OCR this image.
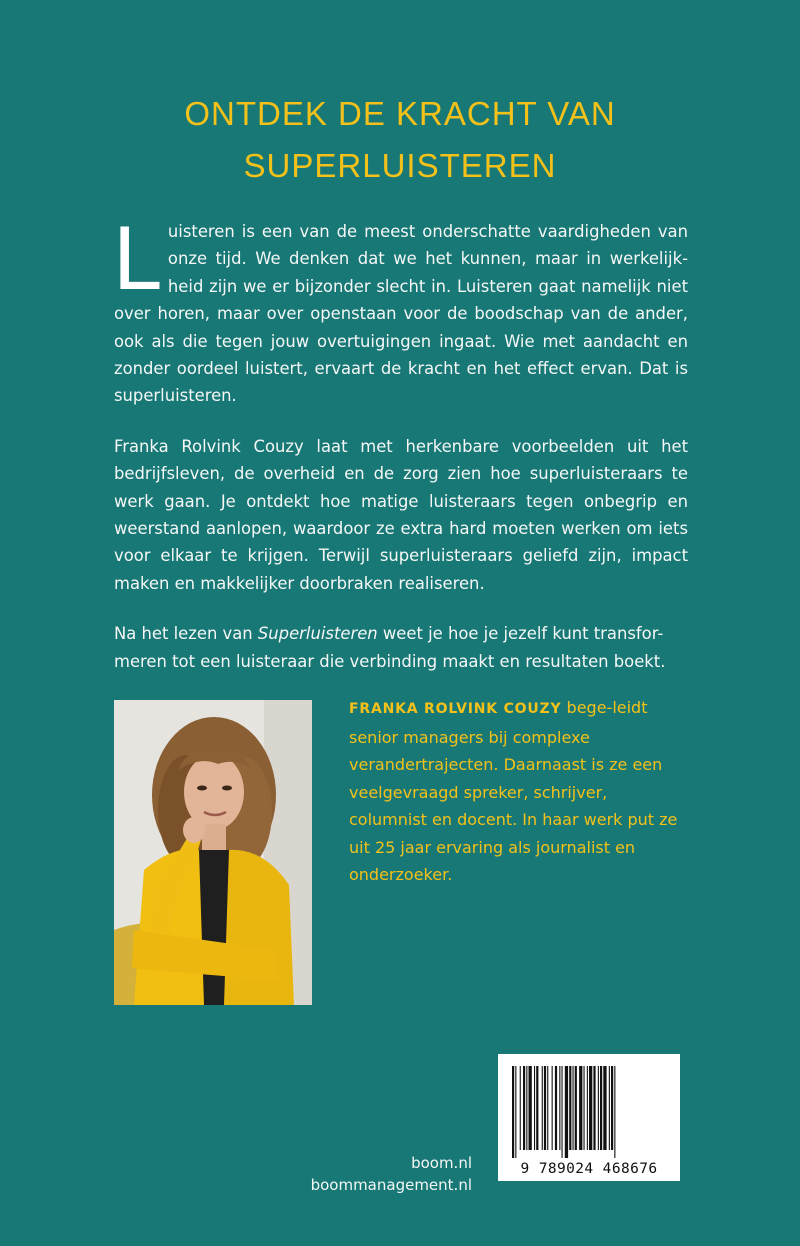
ONTDEK DE KRACHT VAN
SUPERLUISTEREN

Luisteren is een van de meest onderschatte vaardigheden van onze tijd. We denken dat we het kunnen, maar in werkelijk-heid zijn we er bijzonder slecht in. Luisteren gaat namelijk niet over horen, maar over openstaan voor de boodschap van de ander, ook als die tegen jouw overtuigingen ingaat. Wie met aandacht en zonder oordeel luistert, ervaart de kracht en het effect ervan. Dat is superluisteren.

Franka Rolvink Couzy laat met herkenbare voorbeelden uit het bedrijfsleven, de overheid en de zorg zien hoe superluisteraars te werk gaan. Je ontdekt hoe matige luisteraars tegen onbegrip en weerstand aanlopen, waardoor ze extra hard moeten werken om iets voor elkaar te krijgen. Terwijl superluisteraars geliefd zijn, impact maken en makkelijker doorbraken realiseren.

Na het lezen van Superluisteren weet je hoe je jezelf kunt transfor-meren tot een luisteraar die verbinding maakt en resultaten boekt.

FRANKA ROLVINK COUZY bege-leidt senior managers bij complexe verandertrajecten. Daarnaast is ze een veelgevraagd spreker, schrijver, columnist en docent. In haar werk put ze uit 25 jaar ervaring als journalist en onderzoeker.
boom.nl
boommanagement.nl
9 789024 468676
